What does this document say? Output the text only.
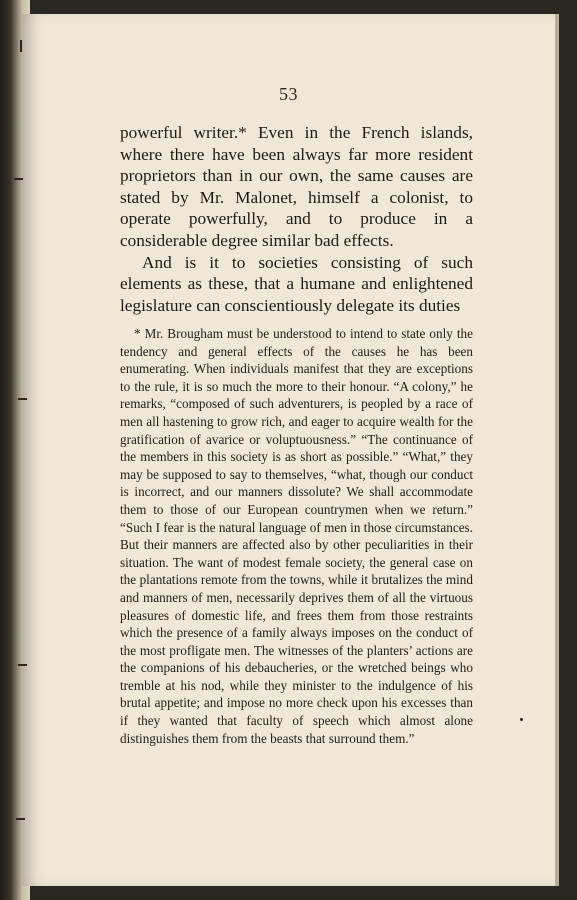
53

powerful writer.* Even in the French islands, where there have been always far more resident proprietors than in our own, the same causes are stated by Mr. Malonet, himself a colonist, to operate powerfully, and to produce in a considerable degree similar bad effects.

And is it to societies consisting of such elements as these, that a humane and enlightened legislature can conscientiously delegate its duties

* Mr. Brougham must be understood to intend to state only the tendency and general effects of the causes he has been enumerating. When individuals manifest that they are exceptions to the rule, it is so much the more to their honour. “A colony,” he remarks, “composed of such adventurers, is peopled by a race of men all hastening to grow rich, and eager to acquire wealth for the gratification of avarice or voluptuousness.” “The continuance of the members in this society is as short as possible.” “What,” they may be supposed to say to themselves, “what, though our conduct is incorrect, and our manners dissolute? We shall accommodate them to those of our European countrymen when we return.” “Such I fear is the natural language of men in those circumstances. But their manners are affected also by other peculiarities in their situation. The want of modest female society, the general case on the plantations remote from the towns, while it brutalizes the mind and manners of men, necessarily deprives them of all the virtuous pleasures of domestic life, and frees them from those restraints which the presence of a family always imposes on the conduct of the most profligate men. The witnesses of the planters’ actions are the companions of his debaucheries, or the wretched beings who tremble at his nod, while they minister to the indulgence of his brutal appetite; and impose no more check upon his excesses than if they wanted that faculty of speech which almost alone distinguishes them from the beasts that surround them.”
